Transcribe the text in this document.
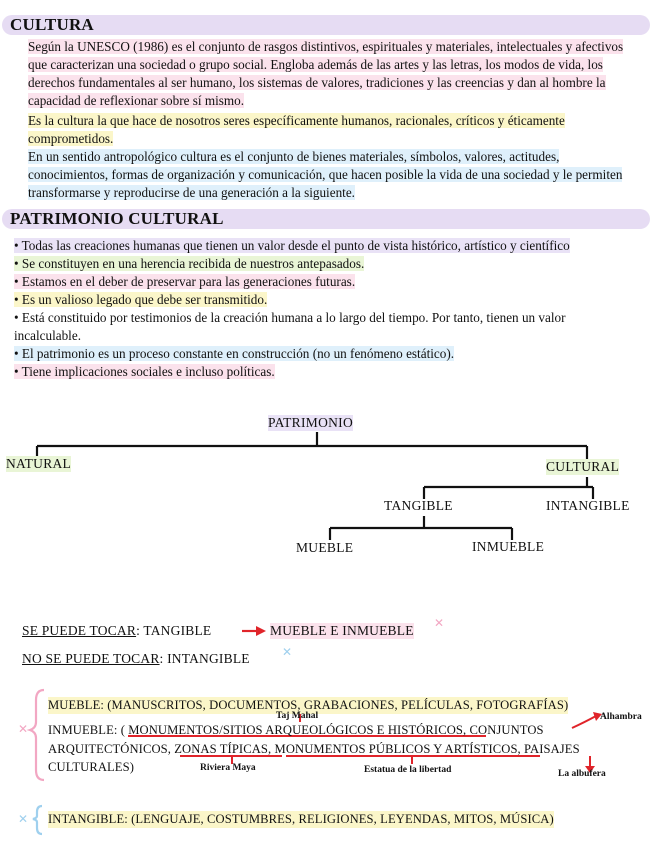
CULTURA
Según la UNESCO (1986) es el conjunto de rasgos distintivos, espirituales y materiales, intelectuales y afectivos que caracterizan una sociedad o grupo social. Engloba además de las artes y las letras, los modos de vida, los derechos fundamentales al ser humano, los sistemas de valores, tradiciones y las creencias y dan al hombre la capacidad de reflexionar sobre sí mismo.
Es la cultura la que hace de nosotros seres específicamente humanos, racionales, críticos y éticamente comprometidos.
En un sentido antropológico cultura es el conjunto de bienes materiales, símbolos, valores, actitudes, conocimientos, formas de organización y comunicación, que hacen posible la vida de una sociedad y le permiten transformarse y reproducirse de una generación a la siguiente.
PATRIMONIO CULTURAL
• Todas las creaciones humanas que tienen un valor desde el punto de vista histórico, artístico y científico
• Se constituyen en una herencia recibida de nuestros antepasados.
• Estamos en el deber de preservar para las generaciones futuras.
• Es un valioso legado que debe ser transmitido.
• Está constituido por testimonios de la creación humana a lo largo del tiempo. Por tanto, tienen un valor incalculable.
• El patrimonio es un proceso constante en construcción (no un fenómeno estático).
• Tiene implicaciones sociales e incluso políticas.
PATRIMONIO
NATURAL	CULTURAL
TANGIBLE	INTANGIBLE
MUEBLE	INMUEBLE
SE PUEDE TOCAR: TANGIBLE	MUEBLE E INMUEBLE ✕
NO SE PUEDE TOCAR: INTANGIBLE	✕
✕
MUEBLE: (MANUSCRITOS, DOCUMENTOS, GRABACIONES, PELÍCULAS, FOTOGRAFÍAS)
Taj Mahal
INMUEBLE: ( MONUMENTOS/SITIOS ARQUEOLÓGICOS E HISTÓRICOS, CONJUNTOS
ARQUITECTÓNICOS, ZONAS TÍPICAS, MONUMENTOS PÚBLICOS Y ARTÍSTICOS, PAISAJES
CULTURALES)
Alhambra
Riviera Maya	Estatua de la libertad	La albufera
✕ INTANGIBLE: (LENGUAJE, COSTUMBRES, RELIGIONES, LEYENDAS, MITOS, MÚSICA)
